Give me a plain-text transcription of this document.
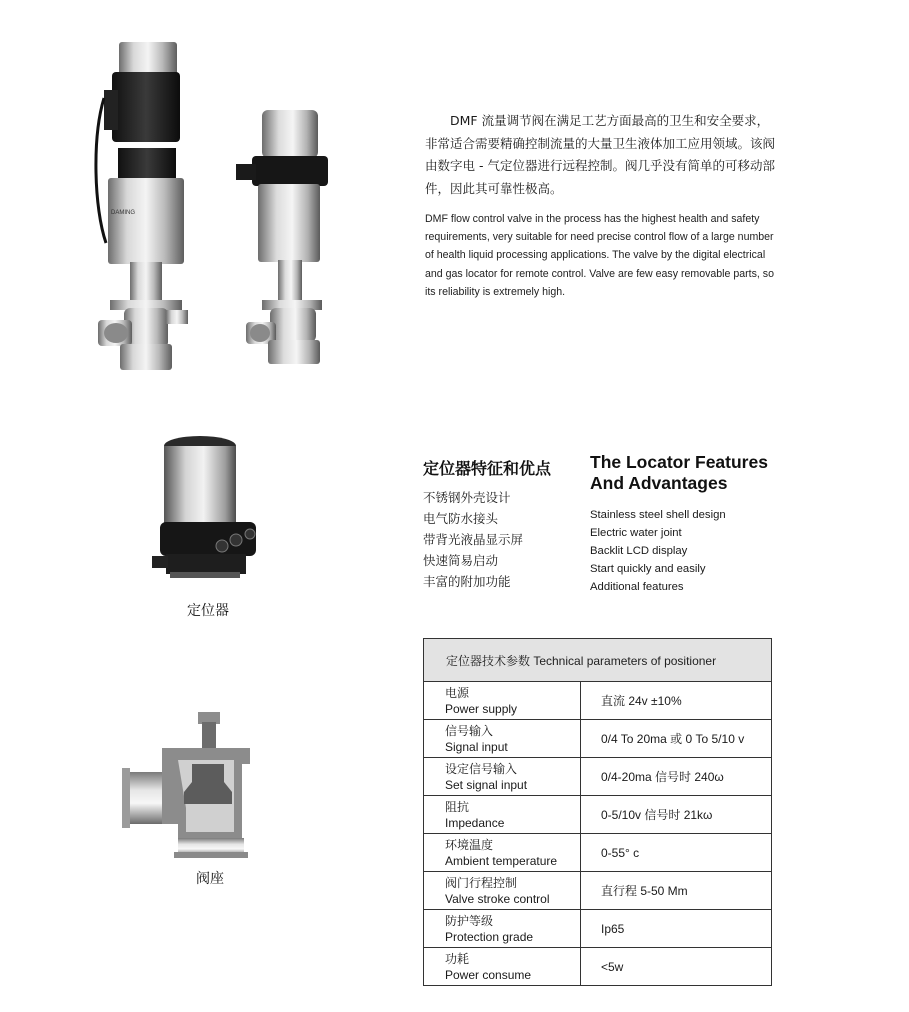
DAMING
DMF 流量调节阀在满足工艺方面最高的卫生和安全要求，非常适合需要精确控制流量的大量卫生液体加工应用领域。该阀由数字电 - 气定位器进行远程控制。阀几乎没有简单的可移动部件，因此其可靠性极高。
DMF flow control valve in the process has the highest health and safety requirements, very suitable for need precise control flow of a large number of health liquid processing applications. The valve by the digital electrical and gas locator for remote control. Valve are few easy removable parts, so its reliability is extremely high.
定位器
定位器特征和优点
不锈钢外壳设计
电气防水接头
带背光液晶显示屏
快速简易启动
丰富的附加功能
The Locator Features
And Advantages
Stainless steel shell design
Electric water joint
Backlit LCD display
Start quickly and easily
Additional features
阀座
定位器技术参数 Technical parameters of positioner	

电源
Power supply	直流 24v ±10%

信号输入
Signal input	0/4 To 20ma 或 0 To 5/10 v

设定信号输入
Set signal input	0/4-20ma 信号时 240ω

阻抗
Impedance	0-5/10v 信号时 21kω

环境温度
Ambient temperature	0-55° c

阀门行程控制
Valve stroke control	直行程 5-50 Mm

防护等级
Protection grade	Ip65

功耗
Power consume	<5w
